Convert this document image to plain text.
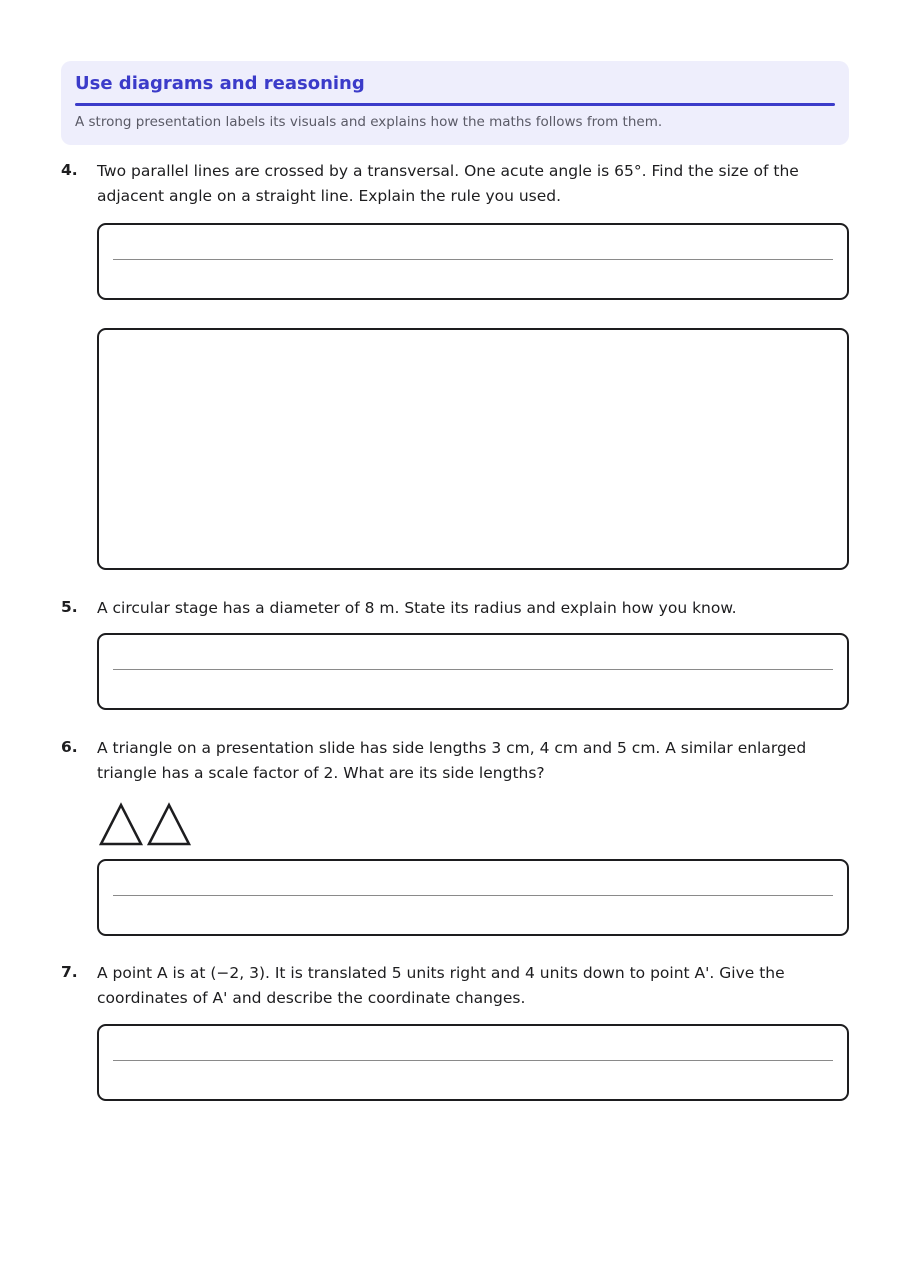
Use diagrams and reasoning
A strong presentation labels its visuals and explains how the maths follows from them.
4. Two parallel lines are crossed by a transversal. One acute angle is 65°. Find the size of the adjacent angle on a straight line. Explain the rule you used.
5. A circular stage has a diameter of 8 m. State its radius and explain how you know.
6. A triangle on a presentation slide has side lengths 3 cm, 4 cm and 5 cm. A similar enlarged triangle has a scale factor of 2. What are its side lengths?
7. A point A is at (−2, 3). It is translated 5 units right and 4 units down to point A'. Give the coordinates of A' and describe the coordinate changes.
